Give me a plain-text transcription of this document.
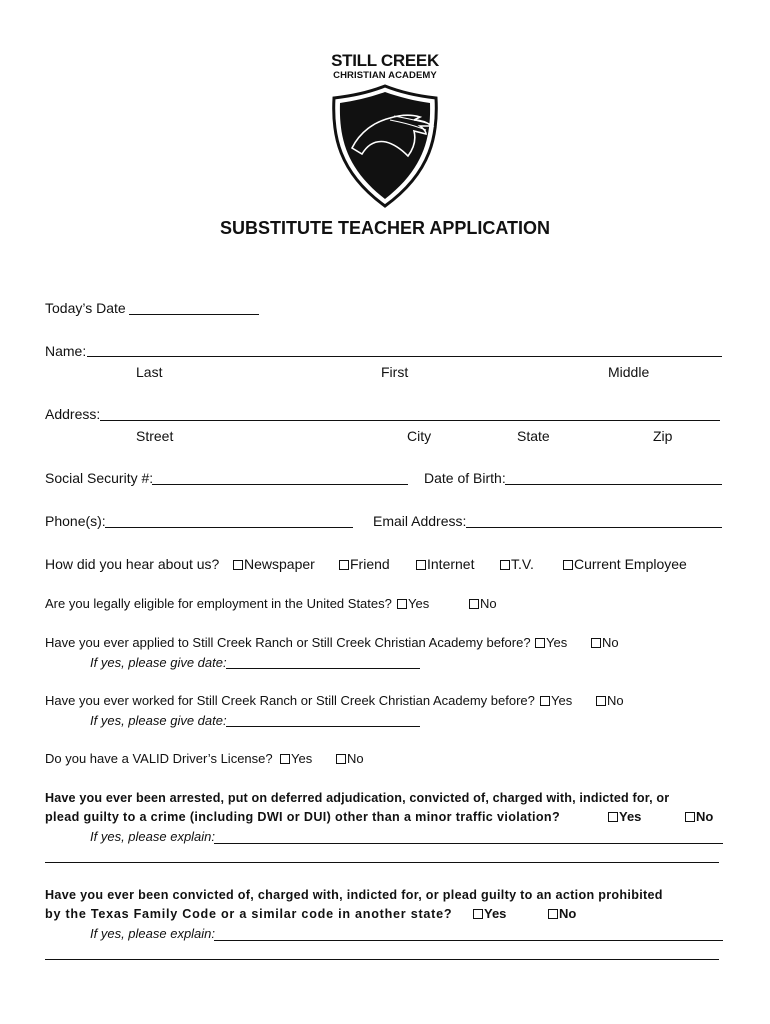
STILL CREEK
CHRISTIAN ACADEMY
SUBSTITUTE TEACHER APPLICATION
Today’s Date
Name:
Last	First	Middle
Address:
Street	City	State	Zip
Social Security #:	Date of Birth:
Phone(s):	Email Address:
How did you hear about us?	Newspaper	Friend	Internet	T.V.	Current Employee
Are you legally eligible for employment in the United States?	Yes	No
Have you ever applied to Still Creek Ranch or Still Creek Christian Academy before?	Yes	No
If yes, please give date:
Have you ever worked for Still Creek Ranch or Still Creek Christian Academy before?	Yes	No
If yes, please give date:
Do you have a VALID Driver’s License?	Yes	No
Have you ever been arrested, put on deferred adjudication, convicted of, charged with, indicted for, or
plead guilty to a crime (including DWI or DUI) other than a minor traffic violation?	Yes	No
If yes, please explain:
Have you ever been convicted of, charged with, indicted for, or plead guilty to an action prohibited
by the Texas Family Code or a similar code in another state?	Yes	No
If yes, please explain:
